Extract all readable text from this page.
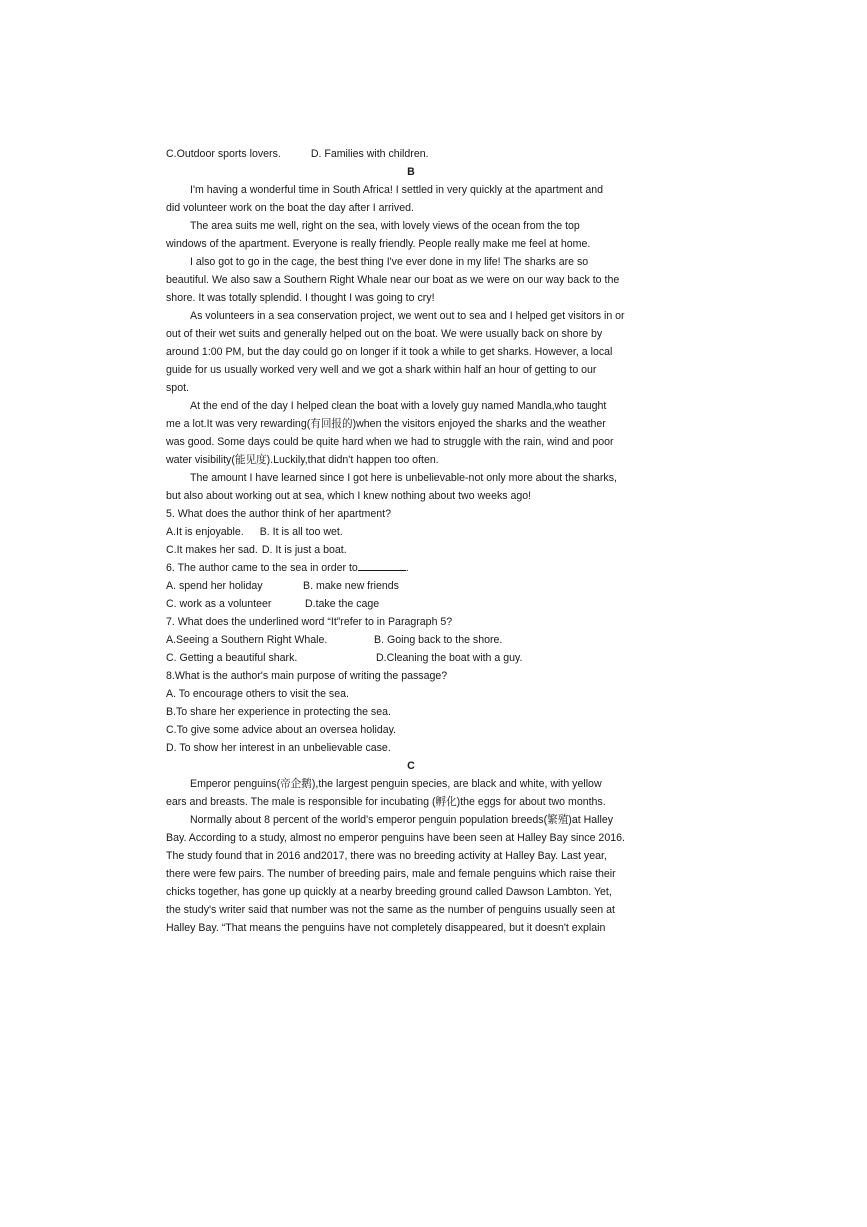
C.Outdoor sports lovers.	D. Families with children.
B
I'm having a wonderful time in South Africa! I settled in very quickly at the apartment and
did volunteer work on the boat the day after I arrived.
The area suits me well, right on the sea, with lovely views of the ocean from the top
windows of the apartment. Everyone is really friendly. People really make me feel at home.
I also got to go in the cage, the best thing I've ever done in my life! The sharks are so
beautiful. We also saw a Southern Right Whale near our boat as we were on our way back to the
shore. It was totally splendid. I thought I was going to cry!
As volunteers in a sea conservation project, we went out to sea and I helped get visitors in or
out of their wet suits and generally helped out on the boat. We were usually back on shore by
around 1:00 PM, but the day could go on longer if it took a while to get sharks. However, a local
guide for us usually worked very well and we got a shark within half an hour of getting to our
spot.
At the end of the day I helped clean the boat with a lovely guy named Mandla,who taught
me a lot.It was very rewarding(有回报的)when the visitors enjoyed the sharks and the weather
was good. Some days could be quite hard when we had to struggle with the rain, wind and poor
water visibility(能见度).Luckily,that didn't happen too often.
The amount I have learned since I got here is unbelievable-not only more about the sharks,
but also about working out at sea, which I knew nothing about two weeks ago!
5. What does the author think of her apartment?
A.It is enjoyable. B. It is all too wet.
C.It makes her sad. D. It is just a boat.
6. The author came to the sea in order to	.
A. spend her holiday	B. make new friends
C. work as a volunteer	D.take the cage
7. What does the underlined word “It”refer to in Paragraph 5?
A.Seeing a Southern Right Whale.	B. Going back to the shore.
C. Getting a beautiful shark.	D.Cleaning the boat with a guy.
8.What is the author's main purpose of writing the passage?
A. To encourage others to visit the sea.
B.To share her experience in protecting the sea.
C.To give some advice about an oversea holiday.
D. To show her interest in an unbelievable case.
C
Emperor penguins(帝企鹅),the largest penguin species, are black and white, with yellow
ears and breasts. The male is responsible for incubating (孵化)the eggs for about two months.
Normally about 8 percent of the world's emperor penguin population breeds(繁殖)at Halley
Bay. According to a study, almost no emperor penguins have been seen at Halley Bay since 2016.
The study found that in 2016 and2017, there was no breeding activity at Halley Bay. Last year,
there were few pairs. The number of breeding pairs, male and female penguins which raise their
chicks together, has gone up quickly at a nearby breeding ground called Dawson Lambton. Yet,
the study's writer said that number was not the same as the number of penguins usually seen at
Halley Bay. “That means the penguins have not completely disappeared, but it doesn't explain
